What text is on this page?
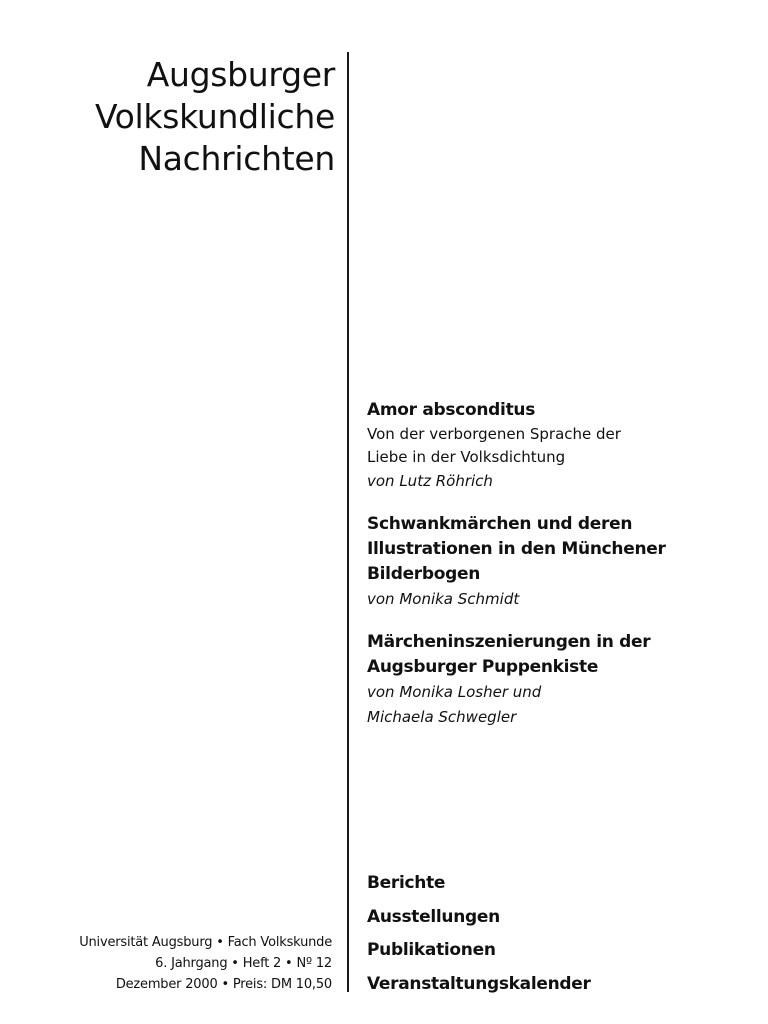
Augsburger
Volkskundliche
Nachrichten
Amor absconditus
Von der verborgenen Sprache der
Liebe in der Volksdichtung
von Lutz Röhrich
Schwankmärchen und deren
Illustrationen in den Münchener
Bilderbogen
von Monika Schmidt
Märcheninszenierungen in der
Augsburger Puppenkiste
von Monika Losher und
Michaela Schwegler
Berichte
Ausstellungen
Publikationen
Veranstaltungskalender
Universität Augsburg • Fach Volkskunde
6. Jahrgang • Heft 2 • Nº 12
Dezember 2000 • Preis: DM 10,50
